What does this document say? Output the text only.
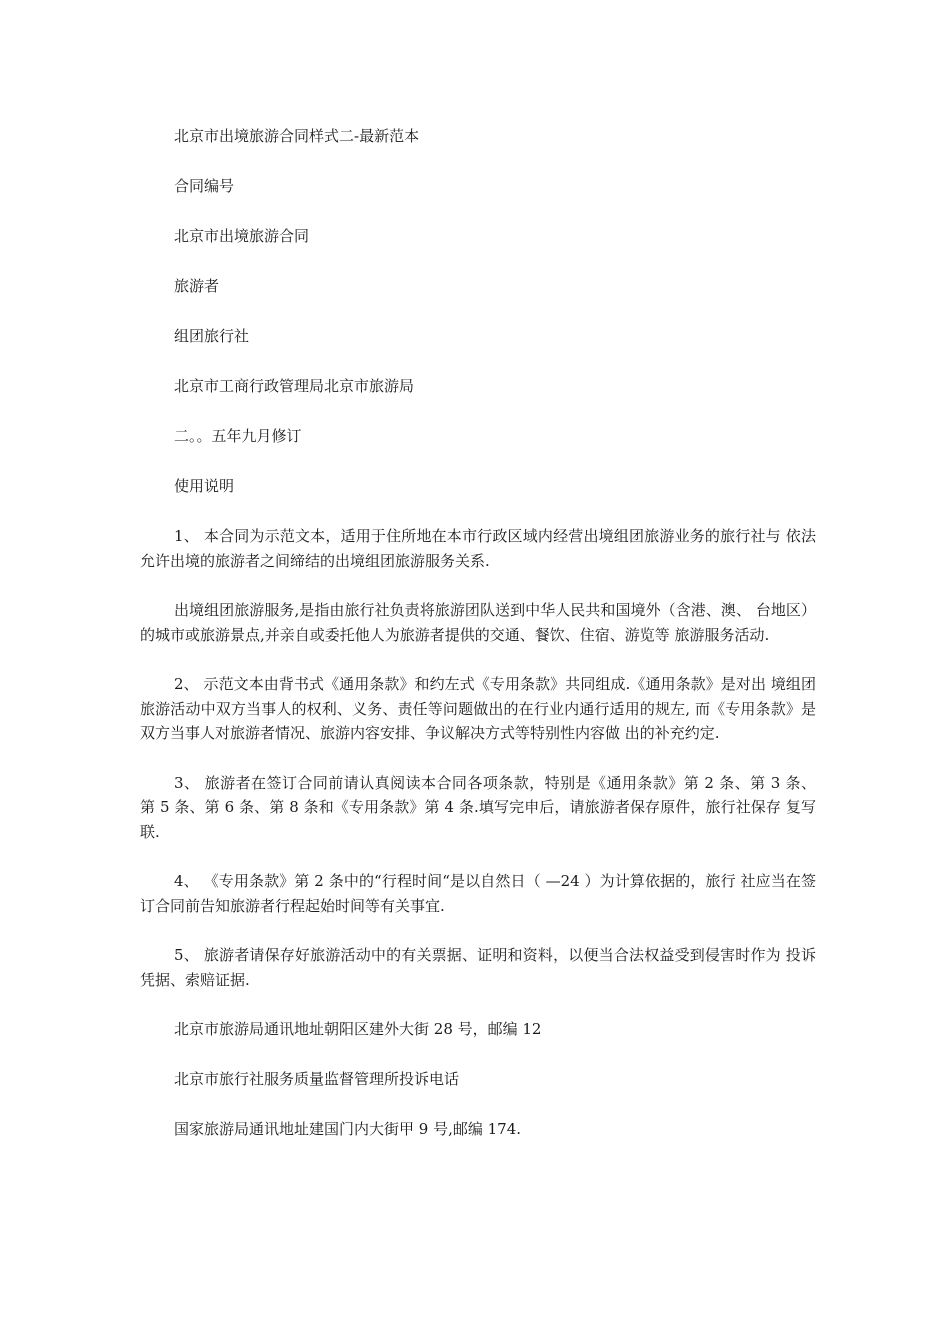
北京市出境旅游合同样式二-最新范本

合同编号

北京市出境旅游合同

旅游者

组团旅行社

北京市工商行政管理局北京市旅游局

二。。五年九月修订

使用说明

1、 本合同为示范文本，适用于住所地在本市行政区域内经营出境组团旅游业务的旅行社与 依法允许出境的旅游者之间缔结的出境组团旅游服务关系.

出境组团旅游服务,是指由旅行社负责将旅游团队送到中华人民共和国境外（含港、澳、 台地区）的城市或旅游景点,并亲自或委托他人为旅游者提供的交通、餐饮、住宿、游览等 旅游服务活动.

2、 示范文本由背书式《通用条款》和约左式《专用条款》共同组成.《通用条款》是对出 境组团旅游活动中双方当事人的权利、义务、责任等问题做出的在行业内通行适用的规左, 而《专用条款》是双方当事人对旅游者情况、旅游内容安排、争议解决方式等特别性内容做 出的补充约定.

3、 旅游者在签订合同前请认真阅读本合同各项条款，特别是《通用条款》第 2 条、第 3 条、 第 5 条、第 6 条、第 8 条和《专用条款》第 4 条.填写完申后，请旅游者保存原件，旅行社保存 复写联.

4、 《专用条款》第 2 条中的“行程时间“是以自然日（ —24 ）为计算依据的，旅行 社应当在签订合同前告知旅游者行程起始时间等有关事宜.

5、 旅游者请保存好旅游活动中的有关票据、证明和资料，以便当合法权益受到侵害时作为 投诉凭据、索赔证据.

北京市旅游局通讯地址朝阳区建外大街 28 号，邮编 12

北京市旅行社服务质量监督管理所投诉电话

国家旅游局通讯地址建国门内大街甲 9 号,邮编 174.
